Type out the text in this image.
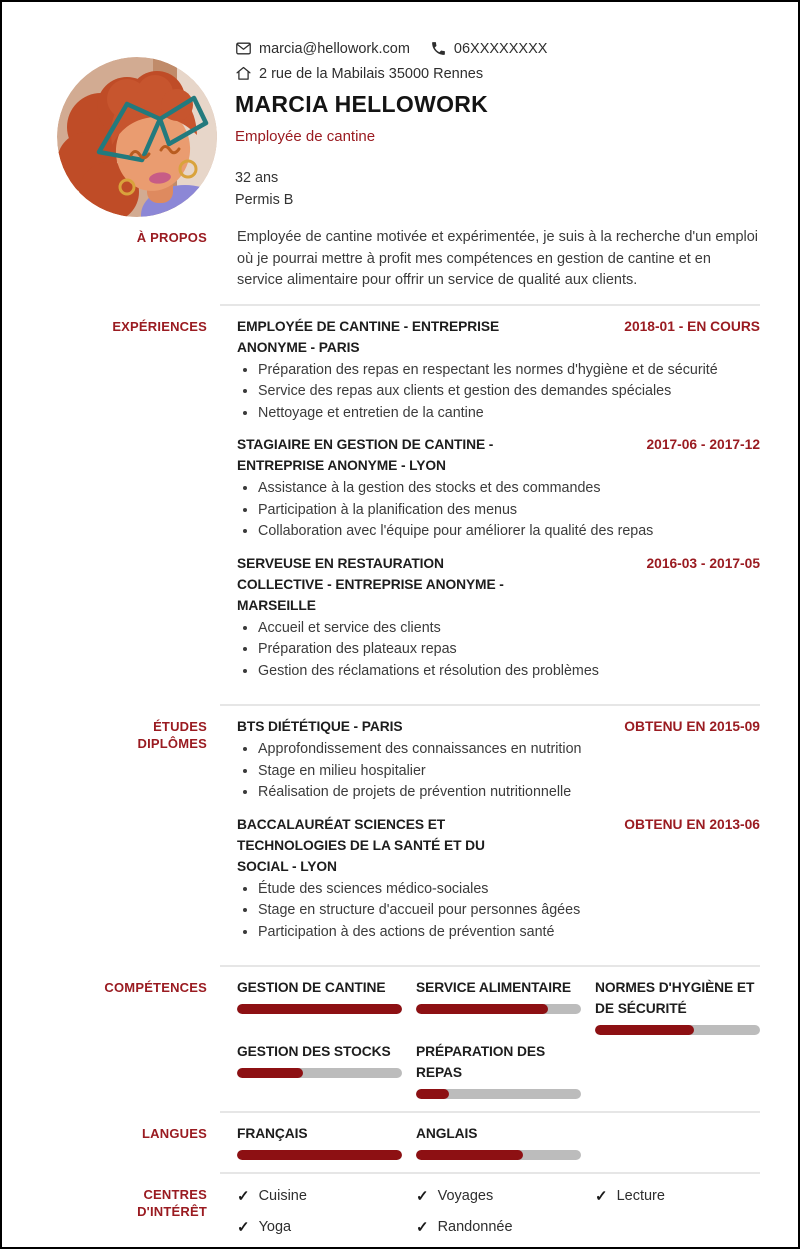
marcia@hellowork.com	06XXXXXXXX
2 rue de la Mabilais 35000 Rennes
MARCIA HELLOWORK
Employée de cantine
32 ans
Permis B
À PROPOS Employée de cantine motivée et expérimentée, je suis à la recherche d'un emploi où je pourrai mettre à profit mes compétences en gestion de cantine et en service alimentaire pour offrir un service de qualité aux clients.
EXPÉRIENCES EMPLOYÉE DE CANTINE - ENTREPRISE ANONYME - PARIS
2018-01 - EN COURS
• Préparation des repas en respectant les normes d'hygiène et de sécurité
• Service des repas aux clients et gestion des demandes spéciales
• Nettoyage et entretien de la cantine
STAGIAIRE EN GESTION DE CANTINE - ENTREPRISE ANONYME - LYON
2017-06 - 2017-12
• Assistance à la gestion des stocks et des commandes
• Participation à la planification des menus
• Collaboration avec l'équipe pour améliorer la qualité des repas
SERVEUSE EN RESTAURATION COLLECTIVE - ENTREPRISE ANONYME - MARSEILLE
2016-03 - 2017-05
• Accueil et service des clients
• Préparation des plateaux repas
• Gestion des réclamations et résolution des problèmes
ÉTUDES DIPLÔMES
BTS DIÉTÉTIQUE - PARIS	OBTENU EN 2015-09
• Approfondissement des connaissances en nutrition
• Stage en milieu hospitalier
• Réalisation de projets de prévention nutritionnelle
BACCALAURÉAT SCIENCES ET TECHNOLOGIES DE LA SANTÉ ET DU SOCIAL - LYON
OBTENU EN 2013-06
• Étude des sciences médico-sociales
• Stage en structure d'accueil pour personnes âgées
• Participation à des actions de prévention santé
COMPÉTENCES GESTION DE CANTINE	SERVICE ALIMENTAIRE	NORMES D'HYGIÈNE ET DE SÉCURITÉ
GESTION DES STOCKS	PRÉPARATION DES REPAS
LANGUES FRANÇAIS	ANGLAIS
CENTRES D'INTÉRÊT
✓ Cuisine	✓ Voyages	✓ Lecture
✓ Yoga	✓ Randonnée
